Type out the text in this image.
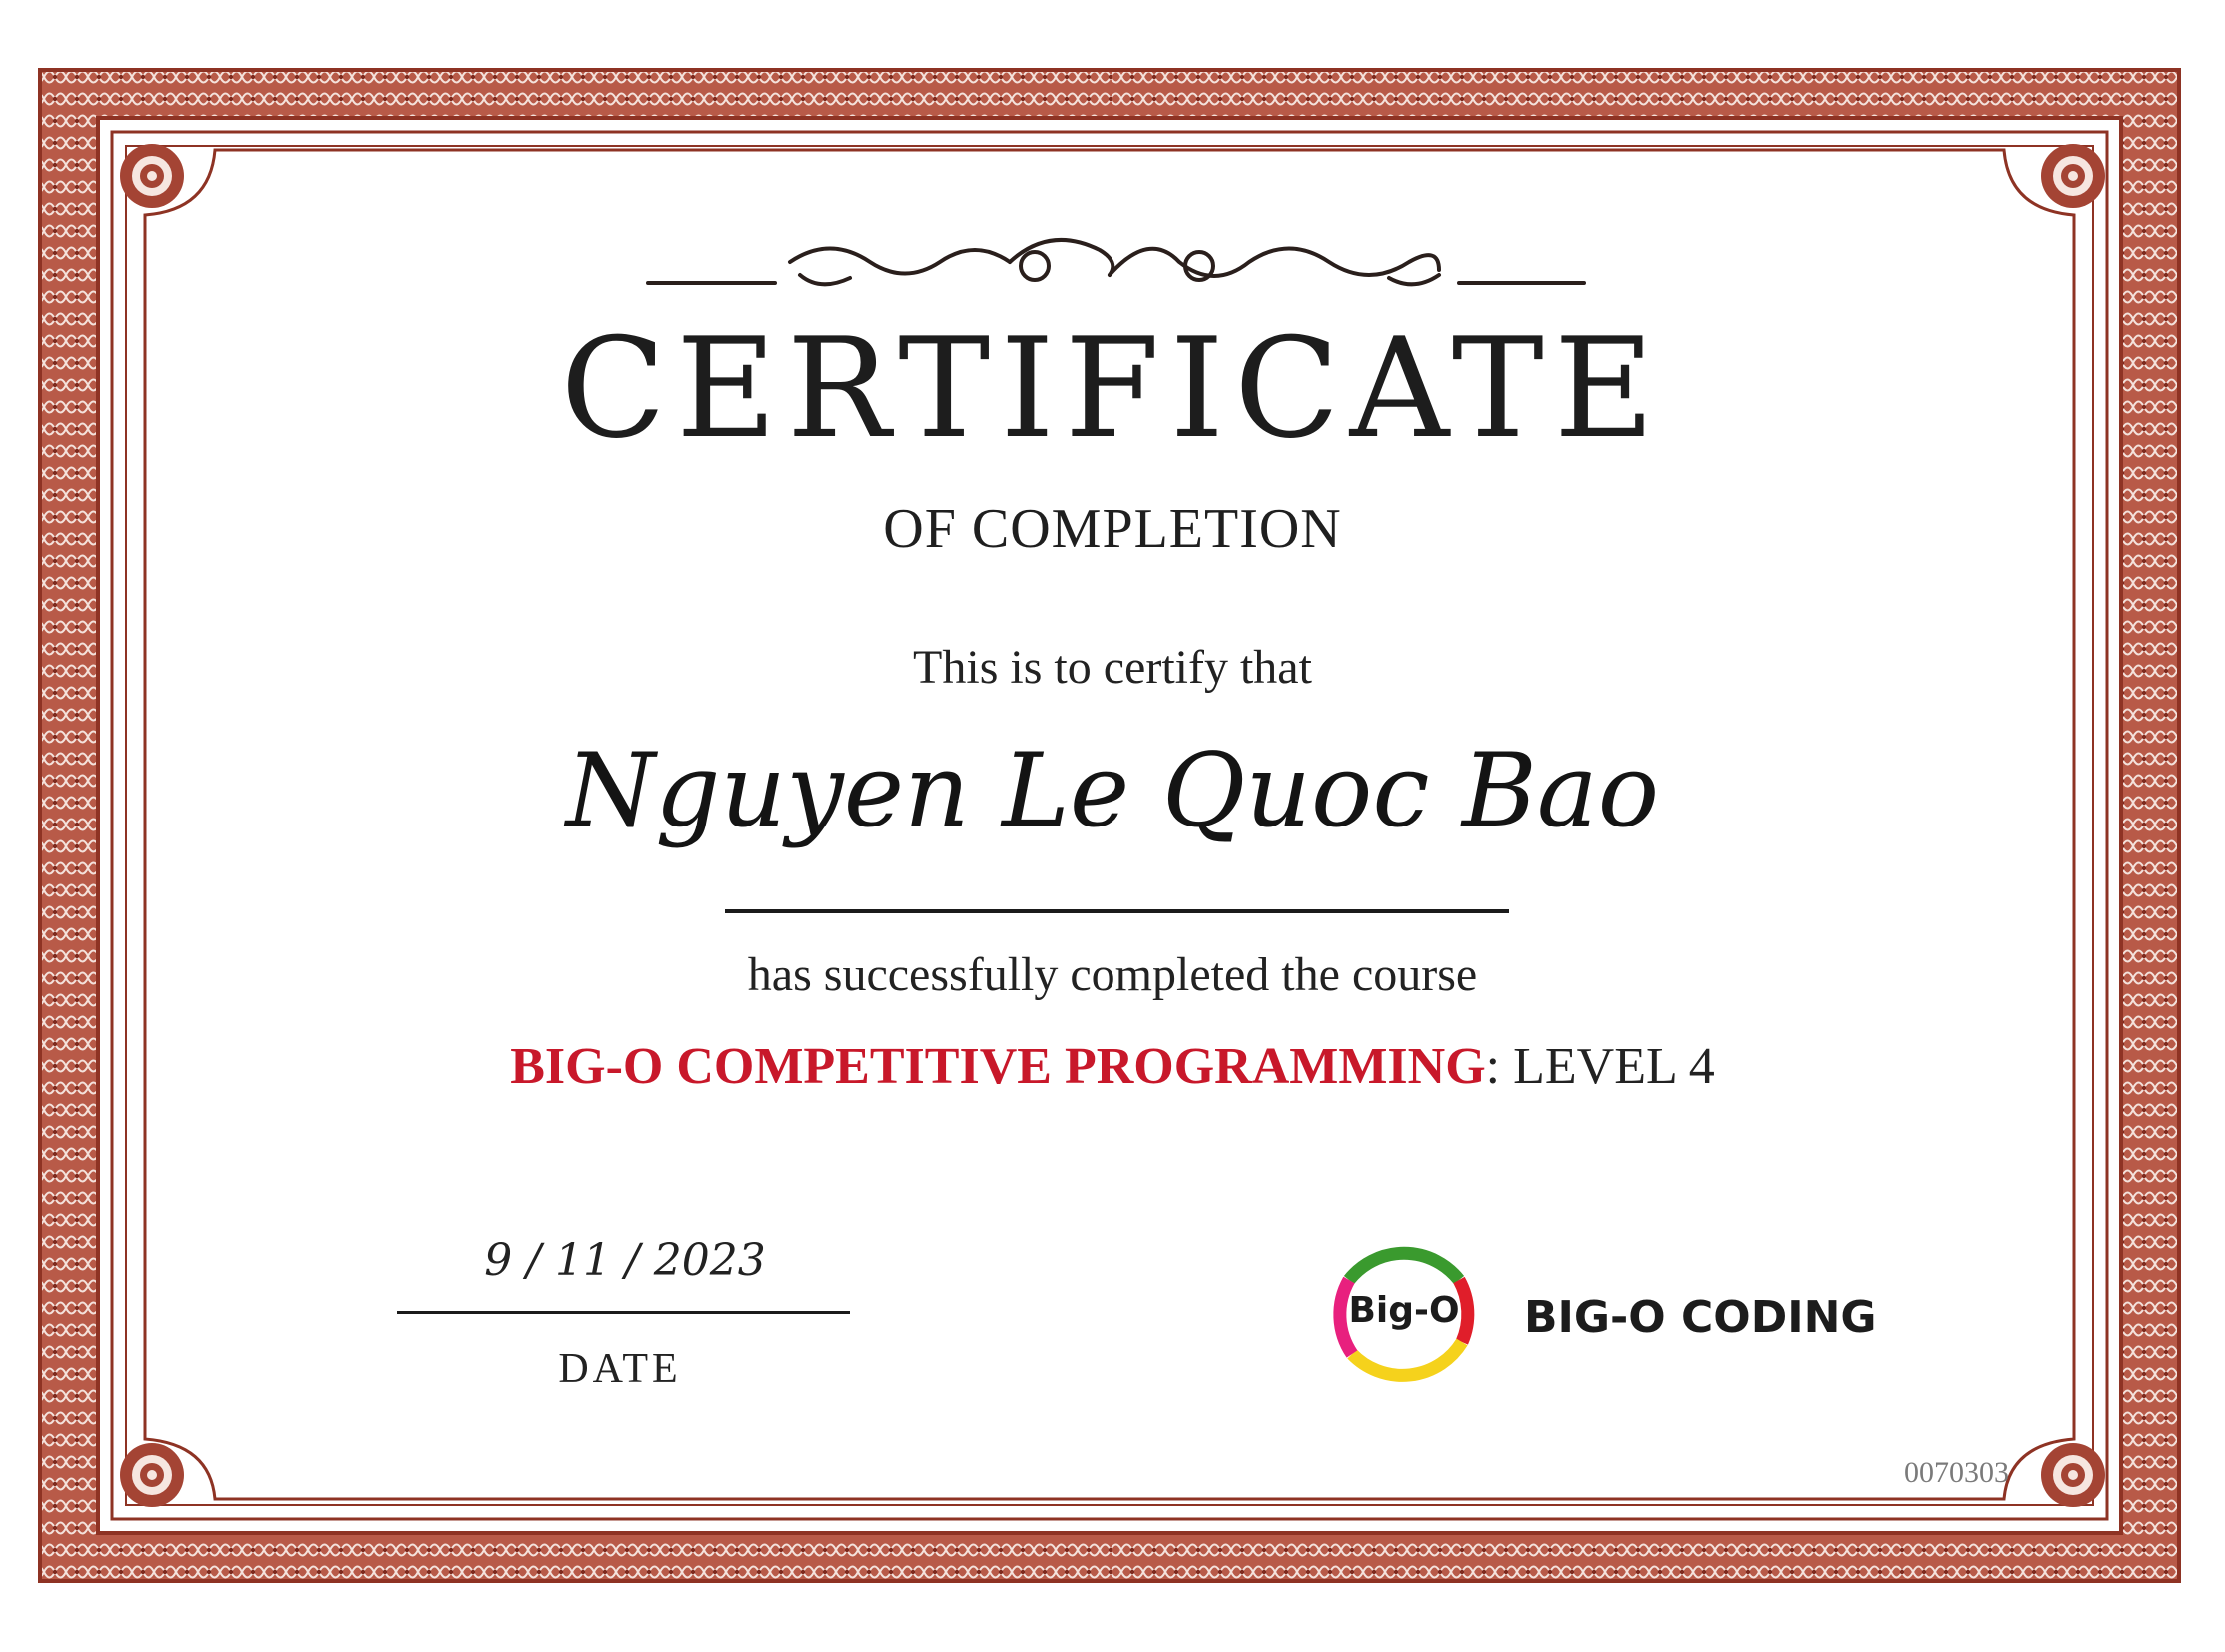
CERTIFICATE
OF COMPLETION
This is to certify that
Nguyen Le Quoc Bao
has successfully completed the course
BIG-O COMPETITIVE PROGRAMMING: LEVEL 4
9 / 11 / 2023
DATE
Big-O BIG-O CODING
0070303
